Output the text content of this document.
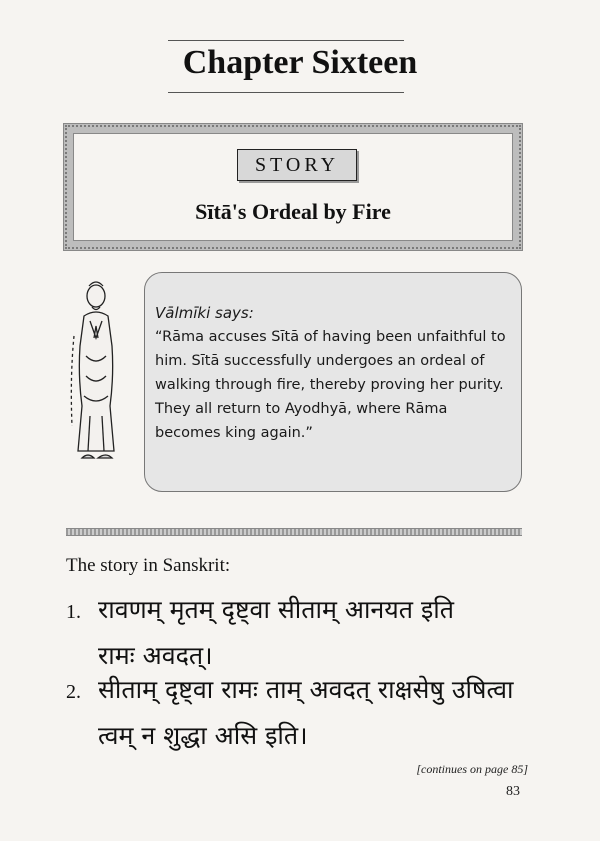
Chapter Sixteen
STORY
Sītā's Ordeal by Fire
Vālmīki says:
“Rāma accuses Sītā of having been unfaithful to him. Sītā successfully undergoes an ordeal of walking through fire, thereby proving her purity. They all return to Ayodhyā, where Rāma becomes king again.”
The story in Sanskrit:
1. रावणम् मृतम् दृष्ट्वा सीताम् आनयत इति
रामः अवदत्।
2. सीताम् दृष्ट्वा रामः ताम् अवदत् राक्षसेषु उषित्वा
त्वम् न शुद्धा असि इति।
[continues on page 85]
83
